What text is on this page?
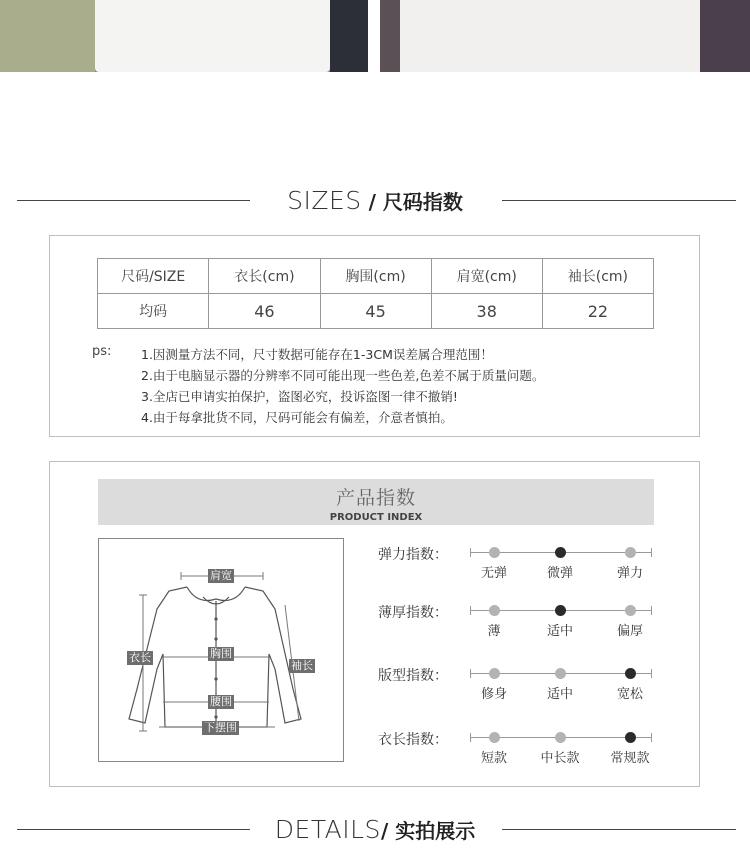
SIZES / 尺码指数
尺码/SIZE	衣长(cm)	胸围(cm)	肩宽(cm)	袖长(cm)
均码	46	45	38	22
ps: 1.因测量方法不同，尺寸数据可能存在1-3CM误差属合理范围！
2.由于电脑显示器的分辨率不同可能出现一些色差,色差不属于质量问题。
3.全店已申请实拍保护，盗图必究，投诉盗图一律不撤销!
4.由于每拿批货不同，尺码可能会有偏差，介意者慎拍。
产品指数
PRODUCT INDEX
肩宽
胸围
衣长
袖长
腰围
下摆围
弹力指数：
无弹	微弹	弹力
薄厚指数：
薄	适中	偏厚
版型指数：
修身	适中	宽松
衣长指数：
短款	中长款	常规款
DETAILS/ 实拍展示
